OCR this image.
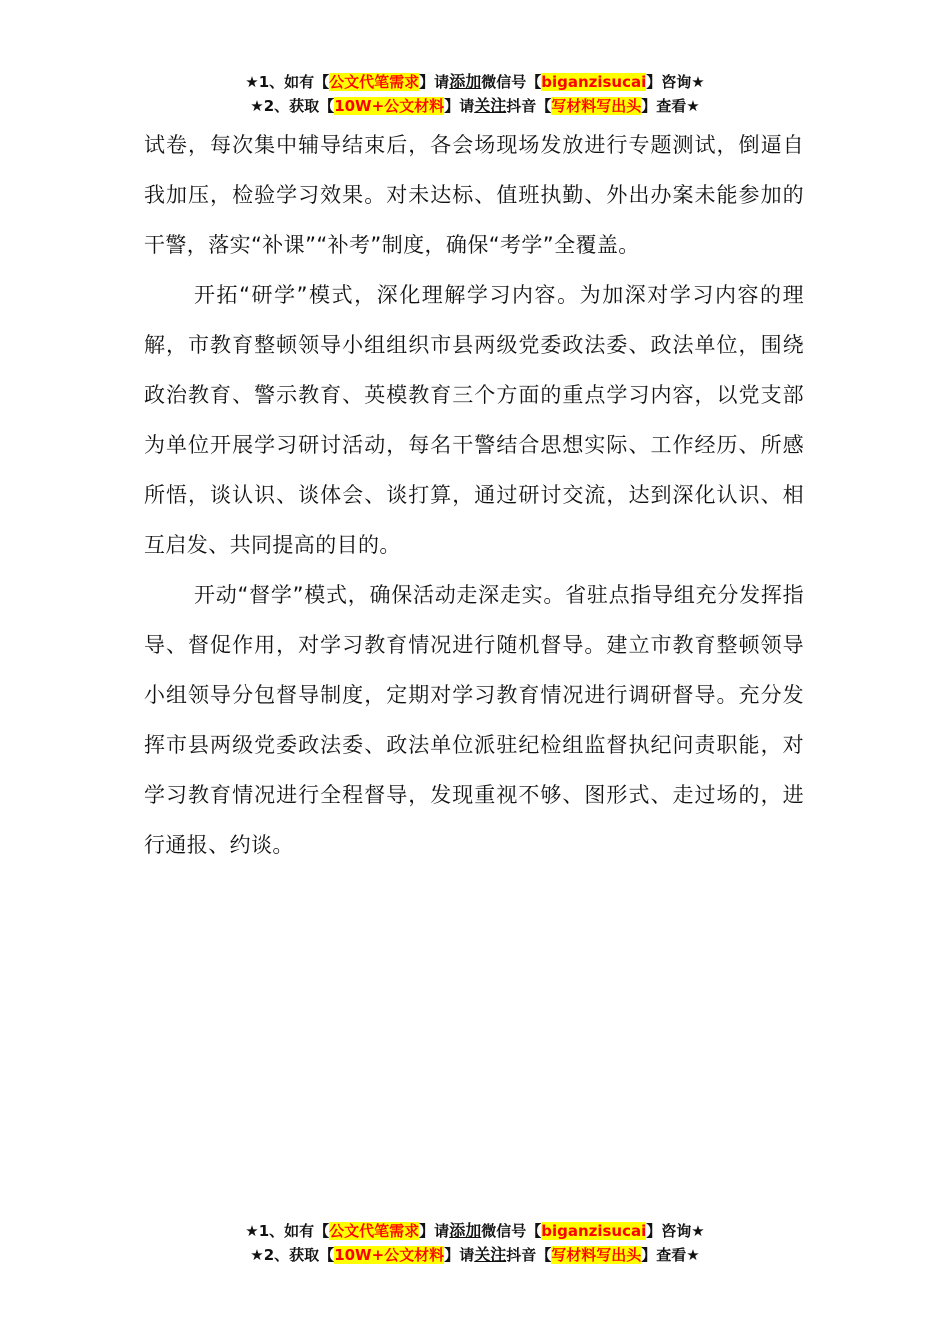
★1、如有【公文代笔需求】请添加微信号【biganzisucai】咨询★
★2、获取【10W+公文材料】请关注抖音【写材料写出头】查看★

试卷，每次集中辅导结束后，各会场现场发放进行专题测试，倒逼自我加压，检验学习效果。对未达标、值班执勤、外出办案未能参加的干警，落实“补课”“补考”制度，确保“考学”全覆盖。

开拓“研学”模式，深化理解学习内容。为加深对学习内容的理解，市教育整顿领导小组组织市县两级党委政法委、政法单位，围绕政治教育、警示教育、英模教育三个方面的重点学习内容，以党支部为单位开展学习研讨活动，每名干警结合思想实际、工作经历、所感所悟，谈认识、谈体会、谈打算，通过研讨交流，达到深化认识、相互启发、共同提高的目的。

开动“督学”模式，确保活动走深走实。省驻点指导组充分发挥指导、督促作用，对学习教育情况进行随机督导。建立市教育整顿领导小组领导分包督导制度，定期对学习教育情况进行调研督导。充分发挥市县两级党委政法委、政法单位派驻纪检组监督执纪问责职能，对学习教育情况进行全程督导，发现重视不够、图形式、走过场的，进行通报、约谈。

★1、如有【公文代笔需求】请添加微信号【biganzisucai】咨询★
★2、获取【10W+公文材料】请关注抖音【写材料写出头】查看★
